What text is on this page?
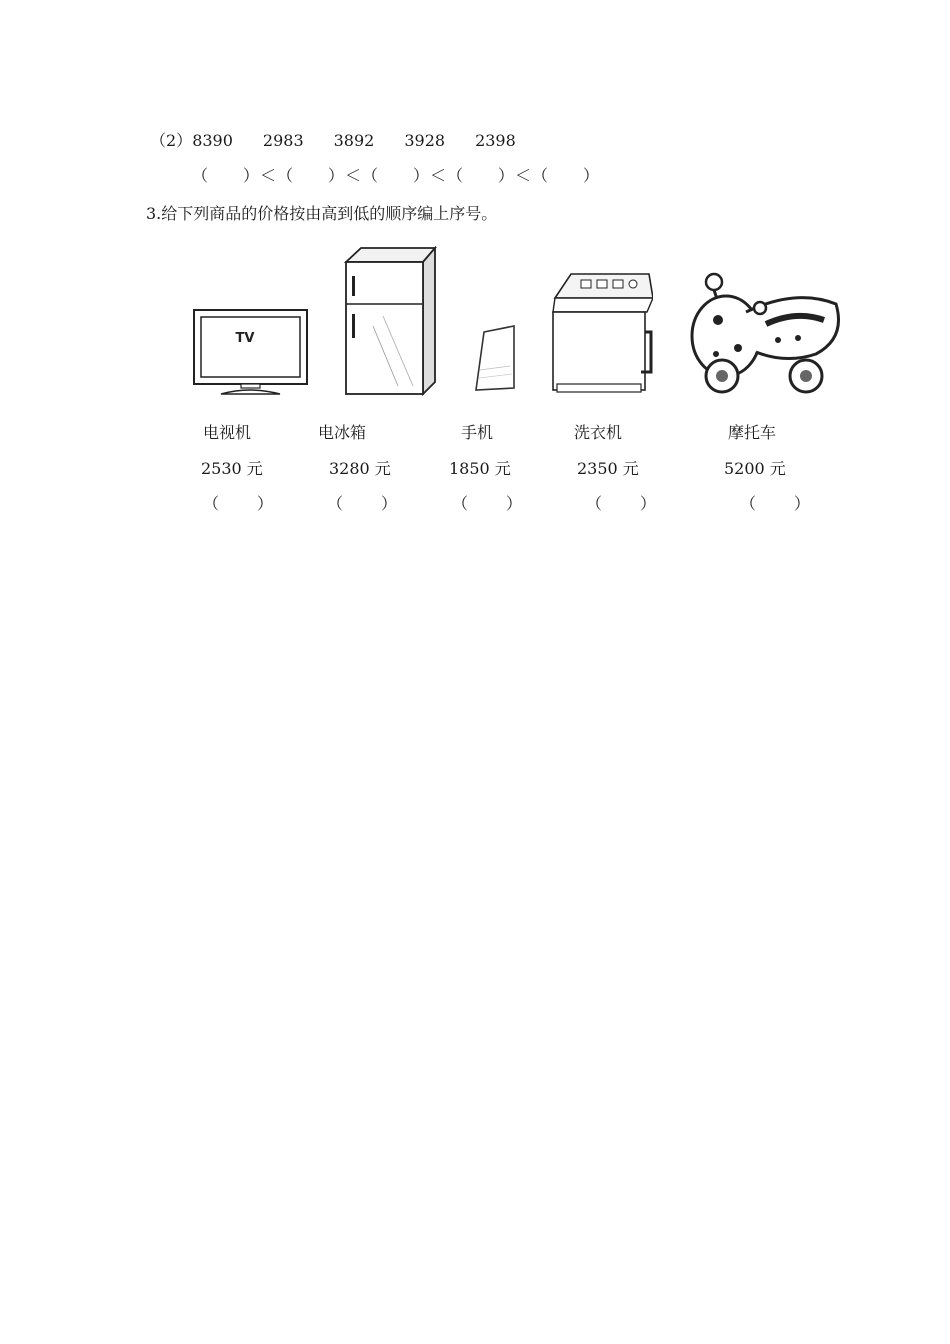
（2）8390 2983 3892 3928 2398
（　　）＜（　　）＜（　　）＜（　　）＜（　　）
3.给下列商品的价格按由高到低的顺序编上序号。
TV
电视机	电冰箱	手机	洗衣机	摩托车
2530 元	3280 元	1850 元	2350 元	5200 元
（　　）	（　　）	（　　）	（　　）	（　　）
